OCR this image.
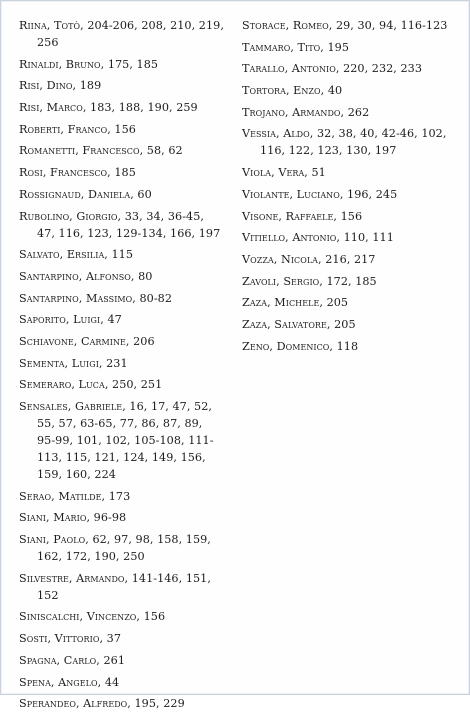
Riina, Totò, 204-206, 208, 210, 219, 256
Rinaldi, Bruno, 175, 185
Risi, Dino, 189
Risi, Marco, 183, 188, 190, 259
Roberti, Franco, 156
Romanetti, Francesco, 58, 62
Rosi, Francesco, 185
Rossignaud, Daniela, 60
Rubolino, Giorgio, 33, 34, 36-45, 47, 116, 123, 129-134, 166, 197
Salvato, Ersilia, 115
Santarpino, Alfonso, 80
Santarpino, Massimo, 80-82
Saporito, Luigi, 47
Schiavone, Carmine, 206
Sementa, Luigi, 231
Semeraro, Luca, 250, 251
Sensales, Gabriele, 16, 17, 47, 52, 55, 57, 63-65, 77, 86, 87, 89, 95-99, 101, 102, 105-108, 111-113, 115, 121, 124, 149, 156, 159, 160, 224
Serao, Matilde, 173
Siani, Mario, 96-98
Siani, Paolo, 62, 97, 98, 158, 159, 162, 172, 190, 250
Silvestre, Armando, 141-146, 151, 152
Siniscalchi, Vincenzo, 156
Sosti, Vittorio, 37
Spagna, Carlo, 261
Spena, Angelo, 44
Sperandeo, Alfredo, 195, 229
Storace, Romeo, 29, 30, 94, 116-123
Tammaro, Tito, 195
Tarallo, Antonio, 220, 232, 233
Tortora, Enzo, 40
Trojano, Armando, 262
Vessia, Aldo, 32, 38, 40, 42-46, 102, 116, 122, 123, 130, 197
Viola, Vera, 51
Violante, Luciano, 196, 245
Visone, Raffaele, 156
Vitiello, Antonio, 110, 111
Vozza, Nicola, 216, 217
Zavoli, Sergio, 172, 185
Zaza, Michele, 205
Zaza, Salvatore, 205
Zeno, Domenico, 118
